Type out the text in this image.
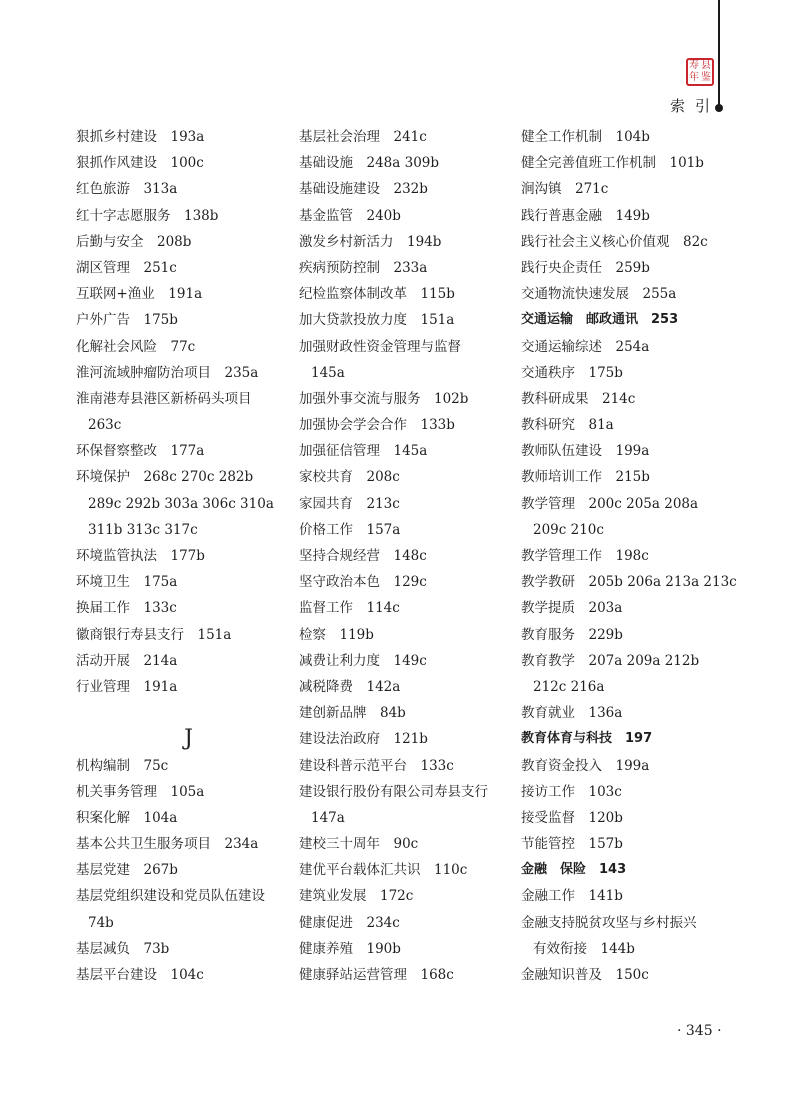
寿 县
年 鉴
索引
狠抓乡村建设　193a
狠抓作风建设　100c
红色旅游　313a
红十字志愿服务　138b
后勤与安全　208b
湖区管理　251c
互联网+渔业　191a
户外广告　175b
化解社会风险　77c
淮河流域肿瘤防治项目　235a
淮南港寿县港区新桥码头项目
263c
环保督察整改　177a
环境保护　268c 270c 282b
289c 292b 303a 306c 310a
311b 313c 317c
环境监管执法　177b
环境卫生　175a
换届工作　133c
徽商银行寿县支行　151a
活动开展　214a
行业管理　191a
J
机构编制　75c
机关事务管理　105a
积案化解　104a
基本公共卫生服务项目　234a
基层党建　267b
基层党组织建设和党员队伍建设
74b
基层减负　73b
基层平台建设　104c
基层社会治理　241c
基础设施　248a 309b
基础设施建设　232b
基金监管　240b
激发乡村新活力　194b
疾病预防控制　233a
纪检监察体制改革　115b
加大贷款投放力度　151a
加强财政性资金管理与监督
145a
加强外事交流与服务　102b
加强协会学会合作　133b
加强征信管理　145a
家校共育　208c
家园共育　213c
价格工作　157a
坚持合规经营　148c
坚守政治本色　129c
监督工作　114c
检察　119b
减费让利力度　149c
减税降费　142a
建创新品牌　84b
建设法治政府　121b
建设科普示范平台　133c
建设银行股份有限公司寿县支行
147a
建校三十周年　90c
建优平台载体汇共识　110c
建筑业发展　172c
健康促进　234c
健康养殖　190b
健康驿站运营管理　168c
健全工作机制　104b
健全完善值班工作机制　101b
涧沟镇　271c
践行普惠金融　149b
践行社会主义核心价值观　82c
践行央企责任　259b
交通物流快速发展　255a
交通运输　邮政通讯　253
交通运输综述　254a
交通秩序　175b
教科研成果　214c
教科研究　81a
教师队伍建设　199a
教师培训工作　215b
教学管理　200c 205a 208a
209c 210c
教学管理工作　198c
教学教研　205b 206a 213a 213c
教学提质　203a
教育服务　229b
教育教学　207a 209a 212b
212c 216a
教育就业　136a
教育体育与科技　197
教育资金投入　199a
接访工作　103c
接受监督　120b
节能管控　157b
金融　保险　143
金融工作　141b
金融支持脱贫攻坚与乡村振兴
有效衔接　144b
金融知识普及　150c
· 345 ·
